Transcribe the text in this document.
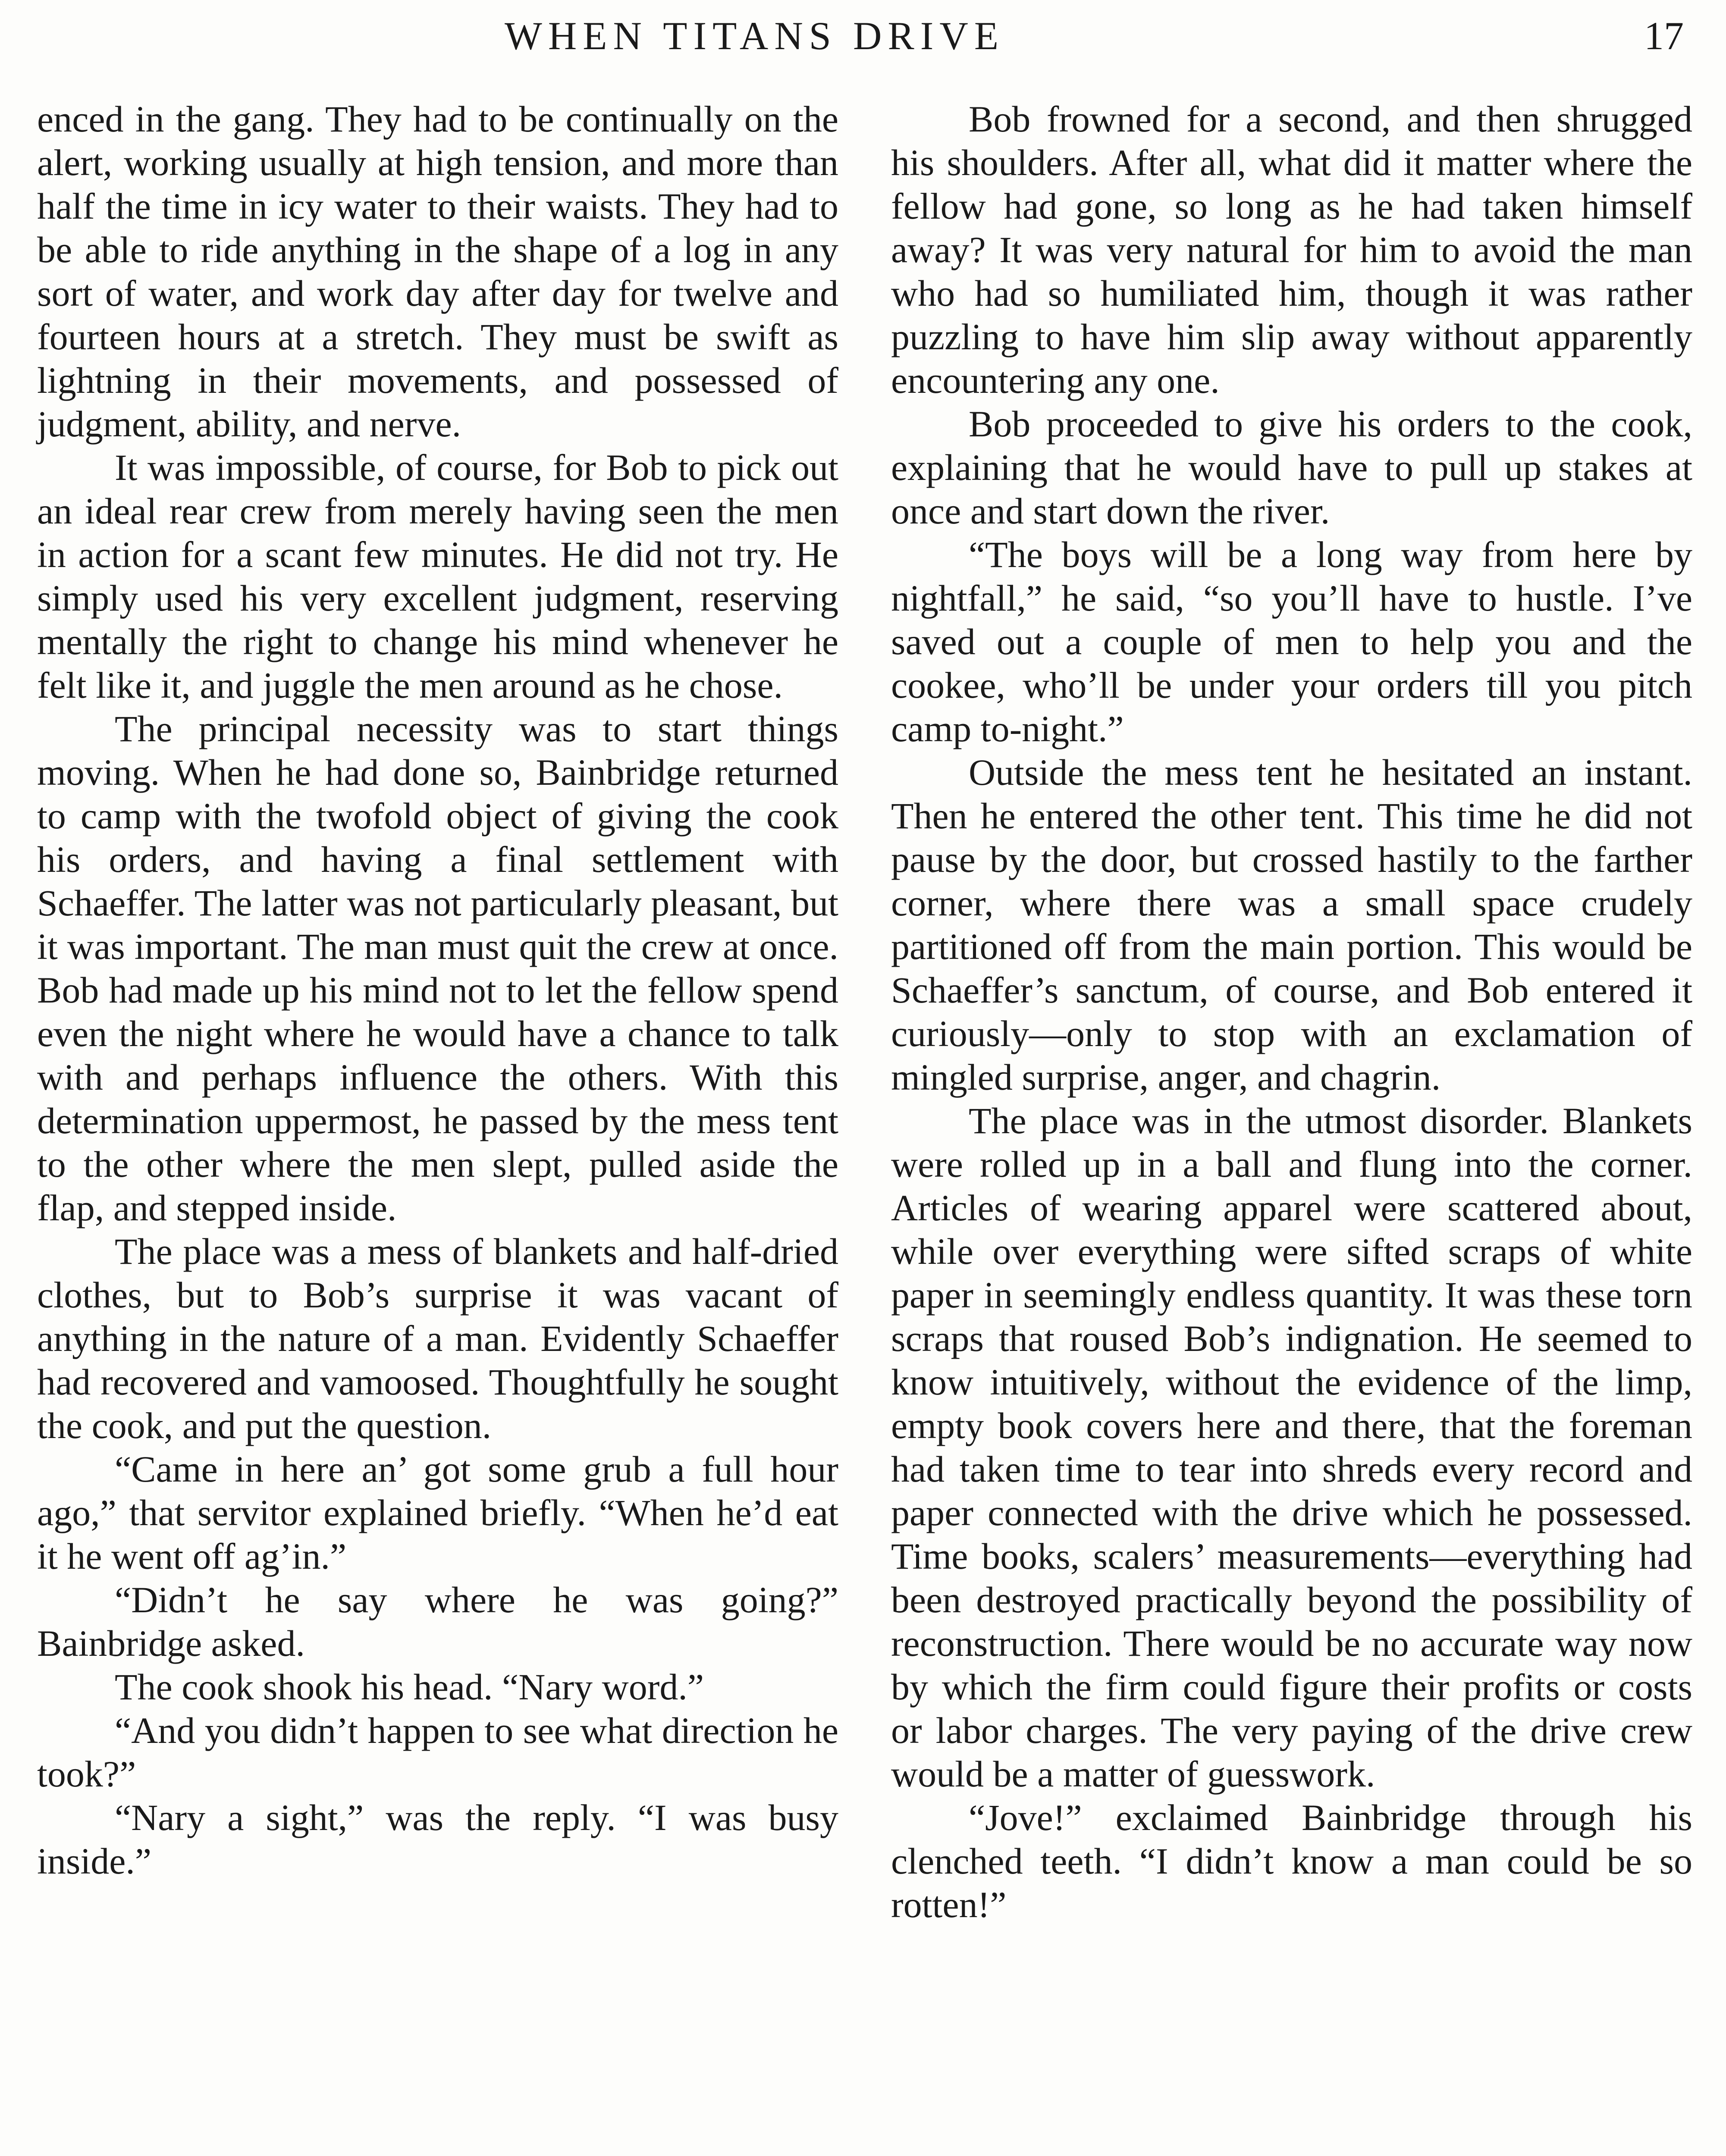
WHEN TITANS DRIVE	17

enced in the gang. They had to be continually on the alert, working usually at high tension, and more than half the time in icy water to their waists. They had to be able to ride anything in the shape of a log in any sort of water, and work day after day for twelve and fourteen hours at a stretch. They must be swift as lightning in their movements, and possessed of judgment, ability, and nerve.

It was impossible, of course, for Bob to pick out an ideal rear crew from merely having seen the men in action for a scant few minutes. He did not try. He simply used his very excellent judgment, reserving mentally the right to change his mind whenever he felt like it, and juggle the men around as he chose.

The principal necessity was to start things moving. When he had done so, Bainbridge returned to camp with the twofold object of giving the cook his orders, and having a final settlement with Schaeffer. The latter was not particularly pleasant, but it was important. The man must quit the crew at once. Bob had made up his mind not to let the fellow spend even the night where he would have a chance to talk with and perhaps influence the others. With this determination uppermost, he passed by the mess tent to the other where the men slept, pulled aside the flap, and stepped inside.

The place was a mess of blankets and half-dried clothes, but to Bob’s surprise it was vacant of anything in the nature of a man. Evidently Schaeffer had recovered and vamoosed. Thoughtfully he sought the cook, and put the question.

“Came in here an’ got some grub a full hour ago,” that servitor explained briefly. “When he’d eat it he went off ag’in.”

“Didn’t he say where he was going?” Bainbridge asked.

The cook shook his head. “Nary word.”

“And you didn’t happen to see what direction he took?”

“Nary a sight,” was the reply. “I was busy inside.”

Bob frowned for a second, and then shrugged his shoulders. After all, what did it matter where the fellow had gone, so long as he had taken himself away? It was very natural for him to avoid the man who had so humiliated him, though it was rather puzzling to have him slip away without apparently encountering any one.

Bob proceeded to give his orders to the cook, explaining that he would have to pull up stakes at once and start down the river.

“The boys will be a long way from here by nightfall,” he said, “so you’ll have to hustle. I’ve saved out a couple of men to help you and the cookee, who’ll be under your orders till you pitch camp to-night.”

Outside the mess tent he hesitated an instant. Then he entered the other tent. This time he did not pause by the door, but crossed hastily to the farther corner, where there was a small space crudely partitioned off from the main portion. This would be Schaeffer’s sanctum, of course, and Bob entered it curiously—only to stop with an exclamation of mingled surprise, anger, and chagrin.

The place was in the utmost disorder. Blankets were rolled up in a ball and flung into the corner. Articles of wearing apparel were scattered about, while over everything were sifted scraps of white paper in seemingly endless quantity. It was these torn scraps that roused Bob’s indignation. He seemed to know intuitively, without the evidence of the limp, empty book covers here and there, that the foreman had taken time to tear into shreds every record and paper connected with the drive which he possessed. Time books, scalers’ measurements—everything had been destroyed practically beyond the possibility of reconstruction. There would be no accurate way now by which the firm could figure their profits or costs or labor charges. The very paying of the drive crew would be a matter of guesswork.

“Jove!” exclaimed Bainbridge through his clenched teeth. “I didn’t know a man could be so rotten!”
